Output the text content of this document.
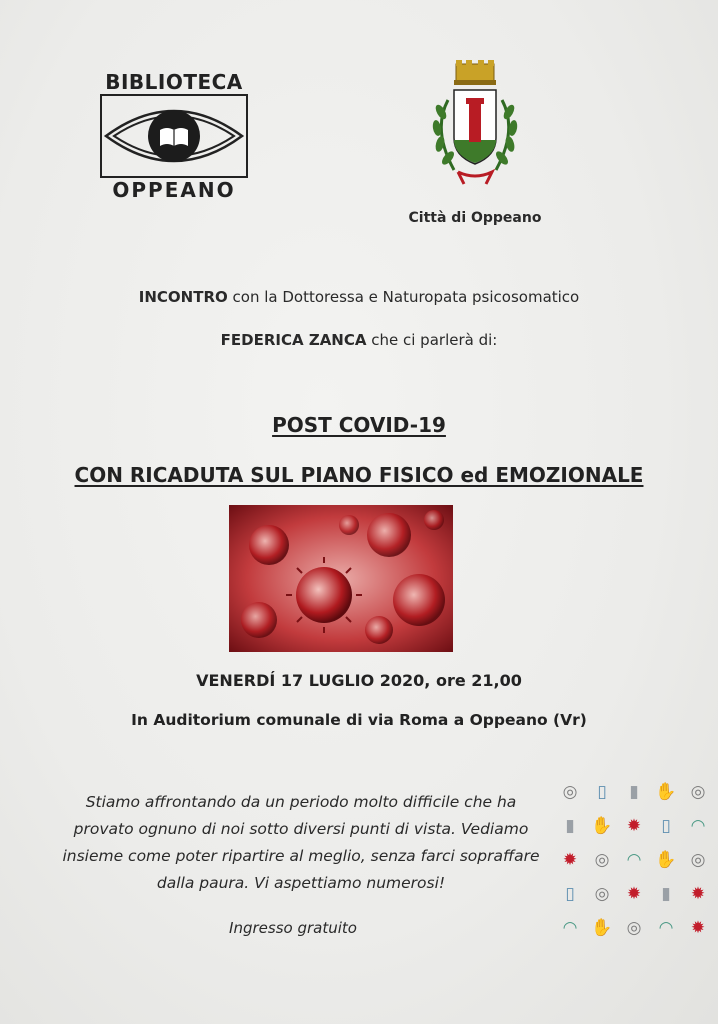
BIBLIOTECA
OPPEANO
Città di Oppeano
INCONTRO con la Dottoressa e Naturopata psicosomatico
FEDERICA ZANCA che ci parlerà di:
POST COVID-19
CON RICADUTA SUL PIANO FISICO ed EMOZIONALE
VENERDÍ 17 LUGLIO 2020, ore 21,00
In Auditorium comunale di via Roma a Oppeano (Vr)
Stiamo affrontando da un periodo molto difficile che ha
provato ognuno di noi sotto diversi punti di vista. Vediamo
insieme come poter ripartire al meglio, senza farci sopraffare
dalla paura. Vi aspettiamo numerosi!
Ingresso gratuito
◎	▯	▮ ✋ ◎
▮ ✋ ✹	▯	◠
✹ ◎ ◠ ✋ ◎
▯	◎ ✹	▮	✹
◠ ✋ ◎ ◠ ✹
